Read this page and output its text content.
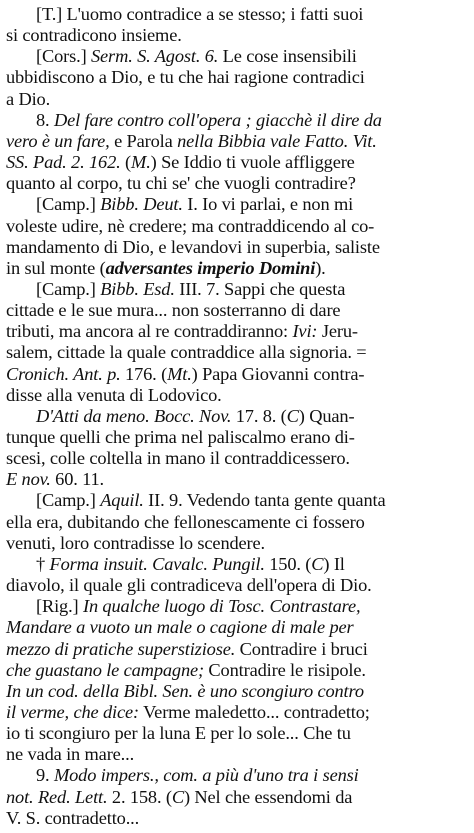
[T.] L'uomo contradice a se stesso; i fatti suoi
si contradicono insieme.
[Cors.] Serm. S. Agost. 6. Le cose insensibili
ubbidiscono a Dio, e tu che hai ragione contradici
a Dio.
8. Del fare contro coll'opera ; giacchè il dire da
vero è un fare, e Parola nella Bibbia vale Fatto. Vit.
SS. Pad. 2. 162. (M.) Se Iddio ti vuole affliggere
quanto al corpo, tu chi se' che vuogli contradire?
[Camp.] Bibb. Deut. I. Io vi parlai, e non mi
voleste udire, nè credere; ma contraddicendo al co-
mandamento di Dio, e levandovi in superbia, saliste
in sul monte (adversantes imperio Domini).
[Camp.] Bibb. Esd. III. 7. Sappi che questa
cittade e le sue mura... non sosterranno di dare
tributi, ma ancora al re contraddiranno: Ivi: Jeru-
salem, cittade la quale contraddice alla signoria. =
Cronich. Ant. p. 176. (Mt.) Papa Giovanni contra-
disse alla venuta di Lodovico.
D'Atti da meno. Bocc. Nov. 17. 8. (C) Quan-
tunque quelli che prima nel paliscalmo erano di-
scesi, colle coltella in mano il contraddicessero.
E nov. 60. 11.
[Camp.] Aquil. II. 9. Vedendo tanta gente quanta
ella era, dubitando che fellonescamente ci fossero
venuti, loro contradisse lo scendere.
† Forma insuit. Cavalc. Pungil. 150. (C) Il
diavolo, il quale gli contradiceva dell'opera di Dio.
[Rig.] In qualche luogo di Tosc. Contrastare,
Mandare a vuoto un male o cagione di male per
mezzo di pratiche superstiziose. Contradire i bruci
che guastano le campagne; Contradire le risipole.
In un cod. della Bibl. Sen. è uno scongiuro contro
il verme, che dice: Verme maledetto... contradetto;
io ti scongiuro per la luna E per lo sole... Che tu
ne vada in mare...
9. Modo impers., com. a più d'uno tra i sensi
not. Red. Lett. 2. 158. (C) Nel che essendomi da
V. S. contradetto...
